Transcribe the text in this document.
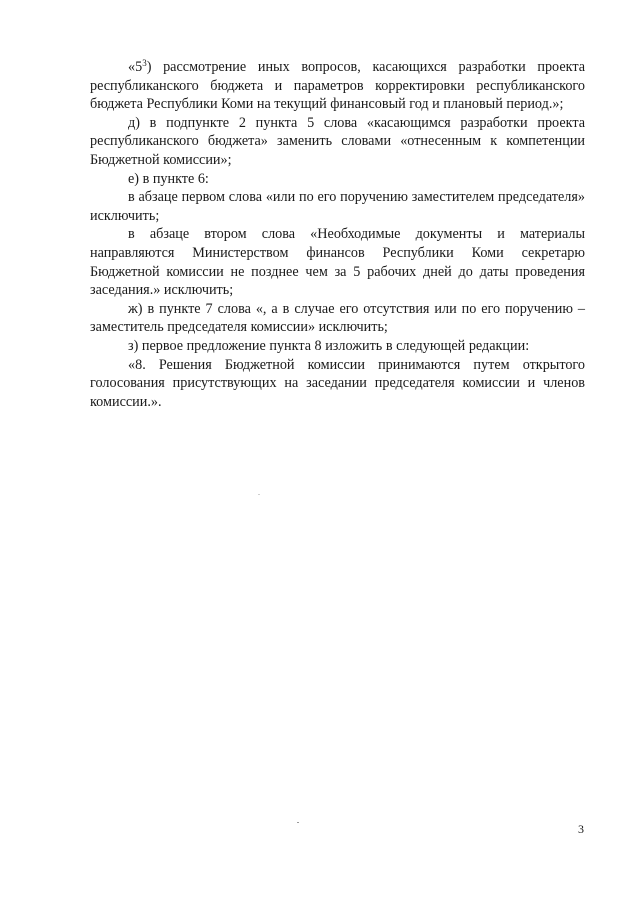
«$5^3$) рассмотрение иных вопросов, касающихся разработки проекта республиканского бюджета и параметров корректировки республиканского бюджета Республики Коми на текущий финансовый год и плановый период.»;

д) в подпункте 2 пункта 5 слова «касающимся разработки проекта республиканского бюджета» заменить словами «отнесенным к компетенции Бюджетной комиссии»;

е) в пункте 6:

в абзаце первом слова «или по его поручению заместителем председателя» исключить;

в абзаце втором слова «Необходимые документы и материалы направляются Министерством финансов Республики Коми секретарю Бюджетной комиссии не позднее чем за 5 рабочих дней до даты проведения заседания.» исключить;

ж) в пункте 7 слова «, а в случае его отсутствия или по его поручению – заместитель председателя комиссии» исключить;

з) первое предложение пункта 8 изложить в следующей редакции:

«8. Решения Бюджетной комиссии принимаются путем открытого голосования присутствующих на заседании председателя комиссии и членов комиссии.».

3
